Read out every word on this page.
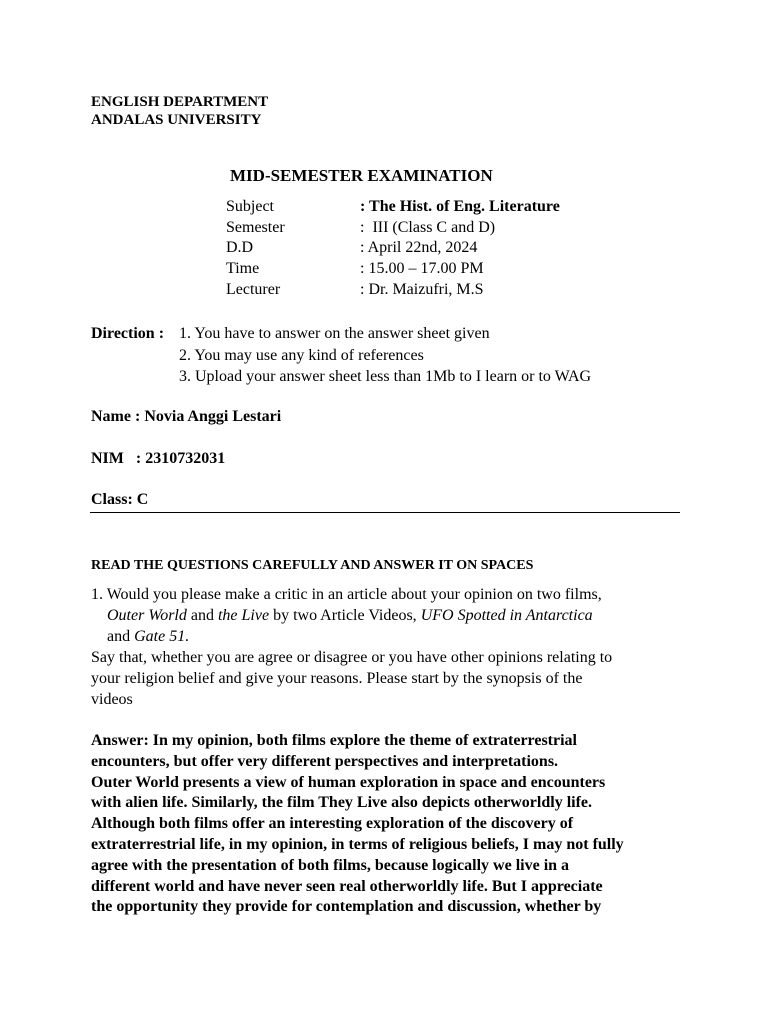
ENGLISH DEPARTMENT
ANDALAS UNIVERSITY
MID-SEMESTER EXAMINATION
Subject	: The Hist. of Eng. Literature
Semester	:  III (Class C and D)
D.D	: April 22nd, 2024
Time	: 15.00 – 17.00 PM
Lecturer	: Dr. Maizufri, M.S
Direction : 1. You have to answer on the answer sheet given
2. You may use any kind of references
3. Upload your answer sheet less than 1Mb to I learn or to WAG
Name : Novia Anggi Lestari
NIM   : 2310732031
Class: C
READ THE QUESTIONS CAREFULLY AND ANSWER IT ON SPACES
1. Would you please make a critic in an article about your opinion on two films,
Outer World and the Live by two Article Videos, UFO Spotted in Antarctica
and Gate 51.
Say that, whether you are agree or disagree or you have other opinions relating to
your religion belief and give your reasons. Please start by the synopsis of the
videos
Answer: In my opinion, both films explore the theme of extraterrestrial
encounters, but offer very different perspectives and interpretations.
Outer World presents a view of human exploration in space and encounters
with alien life. Similarly, the film They Live also depicts otherworldly life.
Although both films offer an interesting exploration of the discovery of
extraterrestrial life, in my opinion, in terms of religious beliefs, I may not fully
agree with the presentation of both films, because logically we live in a
different world and have never seen real otherworldly life. But I appreciate
the opportunity they provide for contemplation and discussion, whether by
